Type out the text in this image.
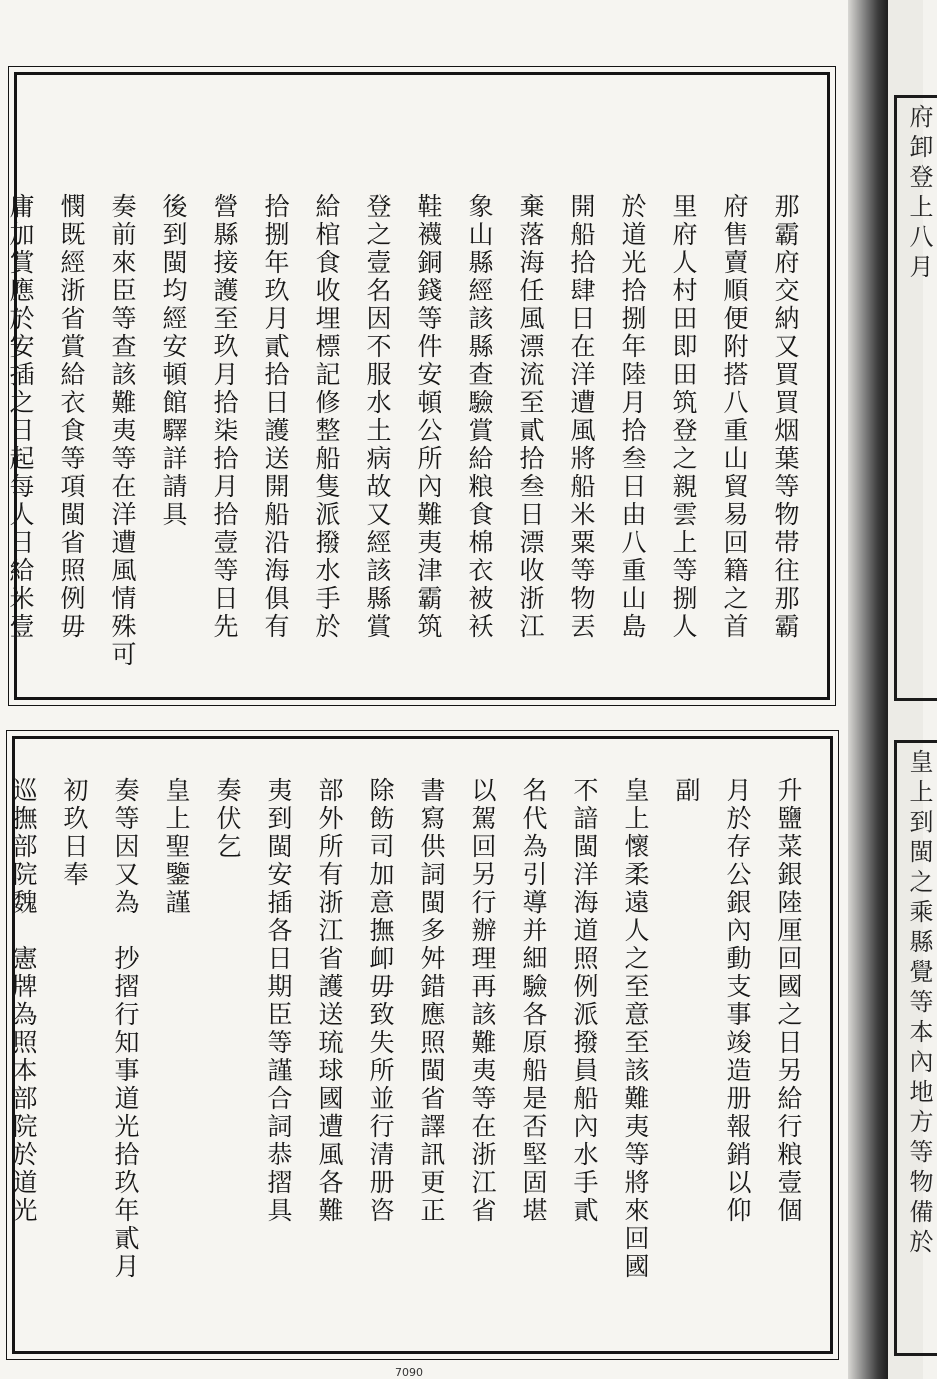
那霸府交納又買買烟葉等物帯往那霸
府售賣順便附搭八重山貿易回籍之首
里府人村田即田筑登之親雲上等捌人
於道光拾捌年陸月拾叁日由八重山島
開船拾肆日在洋遭風將船米粟等物丟
棄落海任風漂流至貳拾叁日漂收浙江
象山縣經該縣查驗賞給粮食棉衣被袄
鞋襪銅錢等件安頓公所內難夷津霸筑
登之壹名因不服水土病故又經該縣賞
給棺食收埋標記修整船隻派撥水手於
拾捌年玖月貳拾日護送開船沿海俱有
營縣接護至玖月拾柒拾月拾壹等日先
後到閩均經安頓館驛詳請具
奏前來臣等查該難夷等在洋遭風情殊可
憫既經浙省賞給衣食等項閩省照例毋
庸加賞應於安插之日起每人日給米壹
升鹽菜銀陸厘回國之日另給行粮壹個
月於存公銀內動支事竣造册報銷以仰
副
皇上懷柔遠人之至意至該難夷等將來回國
不諳閩洋海道照例派撥員船內水手貳
名代為引導并細驗各原船是否堅固堪
以駕回另行辦理再該難夷等在浙江省
書寫供詞閩多舛錯應照閩省譯訊更正
除飭司加意撫卹毋致失所並行清册咨
部外所有浙江省護送琉球國遭風各難
夷到閩安插各日期臣等謹合詞恭摺具
奏伏乞
皇上聖鑒謹
奏等因又為　抄摺行知事道光拾玖年貳月
初玖日奉
巡撫部院魏　憲牌為照本部院於道光
7090
府卸登上八月
皇上到閩之乘縣覺等本內地方等物備於
